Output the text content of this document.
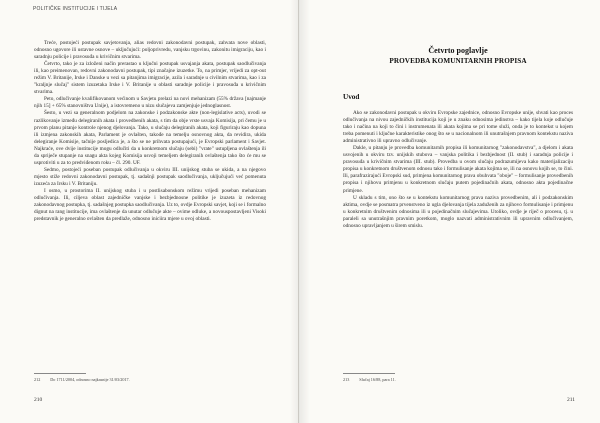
POLITIČKE INSTITUCIJE I TIJELA

Treće, postojeći postupak savjetovanja, alias redovni zakonodavni postupak, zahvata nove oblasti, odnosno ugovore ili ustavne osnove – uključujući: poljoprivredu, vanjsku trgovinu, zakonitu imigraciju, kao i saradnju policije i pravosuđa u krivičnim stvarima.

Četvrto, tako je za izloženi način prerastao u ključni postupak usvajanja akata, postupak saodlučivanja ili, kao preimenovan, redovni zakonodavni postupak, tipi značajne izuzetke. To, na primjer, vrijedi za opt-out režim V. Britanije, Irske i Danske u vezi sa pitanjima imigracije, azila i saradnje u civilnim stvarima, kao i za "kraljnje slučaj" sistem izuzetaka Irske i V. Britanije u oblasti saradnje policije i pravosuđa u krivičnim stvarima.

Peto, odlučivanje kvalifikovanom većinom u Savjetu prelazi na novi mehanizam (55% država [najmanje njih 15] + 65% stanovništva Unije), a istovremeno u nizu slučajeva zamjenjuje jednoglasnost.

Šesto, u vezi sa generalnom podjelom na zakonske i podzakonske akte (non-legislative acts), uvodi se razlikovanje između delegiranih akata i provedbenih akata, s tim da obje vrste usvaja Komisija, pri čemu je u prvom planu pitanje kontrole njenog djelovanja. Tako, u slučaju delegiranih akata, koji figuriraju kao dopuna ili izmjena zakonskih akata, Parlament je ovlašten, takođe na temelju osnovnog akta, da revidira, ukida delegiranje Komisije, tačnije posljedica je, a što se ne prihvata postupajući, je Evropski parlament i Savjet. Najkraće, ove dvije institucije mogu odlučiti da u konkretnom slučaju (sebi) "vrate" ustupljena ovlaštenja ili da spriječe stupanje na snagu akta kojeg Komisija usvoji temeljem delegiranih ovlaštenja tako što će mu se usprotiviti u za to predviđenom roku – čl. 290. UF.

Sedmo, postojeći poseban postupak odlučivanja u okviru III. unijskog stuba se ukida, a na njegovo mjesto stiže redovni zakonodavni postupak, tj. sadašnji postupak saodlučivanja, uključujući već pomenuta izuzeća za Irsku i V. Britaniju.

I osmo, u prostorima II. unijskog stuba i u postlisabonskom režimu vrijedi poseban mehanizam odlučivanja. Ili, ciljeva oblast zajedničke vanjske i bezbjednosne politike je izuzeta iz redovnog zakonodavnog postupka, tj. sadašnjeg postupka saodlučivanja. Uz to, ovdje Evropski savjet, koji se i formalno dignut na rang institucije, ima ovlaštenje da unutar odlučuje akte – ovime odluke, a novouspostavljeni Visoki predstavnik je generalno ovlašten da predlaže, odnosno iniciira mjere u ovoj oblasti.

212 Do 1711/2004, odnosno najkasnije 31/03/2017.
210
Četvrto poglavlje
PROVEDBA KOMUNITARNIH PROPISA
Uvod

Ako se zakonodavni postupak u okviru Evropske zajednice, odnosno Evropske unije, shvati kao proces odlučivanja na nivou zajedničkih institucija koji je u znaku odnosima jedinstva – kako tijela koje odlučuje tako i načina na koji to čini i instrumenata ili akata kojima se pri tome služi, onda je to kontekst u kojem treba pomenuti i ključne karakteristike onog što se u nacionalnom ili unutrašnjem pravnom kontekstu naziva administrativno ili upravno odlučivanje.

Dakle, u pitanju je provedba komunitarnih propisa ili komunitarnog "zakonodavstva", a djelom i akata usvojenih u okviru tzv. unijskih stubova – vanjska politika i bezbjednost (II. stub) i saradnja policije i pravosuđa u krivičnim stvarima (III. stub). Provedba u ovom slučaju podrazumijeva kako materijalizaciju propisa u konkretnom društvenom odnosu tako i formulisanje akata kojima se, ili na osnovu kojih se, to čini. Ili, parafrazirajući Evropski sud, primjena komunitarnog prava obuhvata "oboje" – formulisanje provedbenih propisa i njihovu primjenu u konkretnom slučaju putem pojedinačnih akata, odnosno akta pojedinačne primjene.

U skladu s tim, ono što se u kontekstu komunitarnog prava naziva provedbenim, ali i podzakonskim aktima, ovdje se posmatra prvenstveno iz ugla djelovanja tijela zaduženih za njihovo formulisanje i primjenu u konkretnim društvenim odnosima ili u pojedinačnim slučajevima. Utoliko, ovdje je riječ o procesu, tj. u paraleli sa unutrašnjim pravnim poretkom, moglo nazvati administrativnim ili upravnim odlučivanjem, odnosno upravljanjem u širem smislu.

213 Slučaj 16/88, para 11.
211
